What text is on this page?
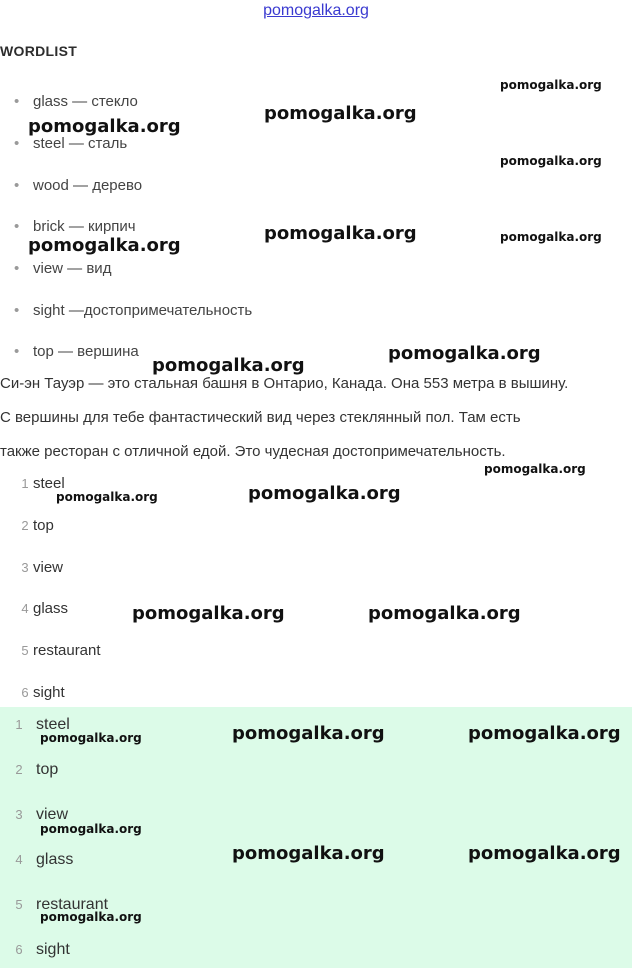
pomogalka.org
WORDLIST
• glass — стекло
• steel — сталь
• wood — дерево
• brick — кирпич
• view — вид
• sight —достопримечательность
• top — вершина
Си-эн Тауэр — это стальная башня в Онтарио, Канада. Она 553 метра в вышину.
С вершины для тебе фантастический вид через стеклянный пол. Там есть
также ресторан с отличной едой. Это чудесная достопримечательность.
1 steel
2 top
3 view
4 glass
5 restaurant
6 sight
1 steel
2 top
3 view
4 glass
5 restaurant
6 sight
pomogalka.org
pomogalka.org
pomogalka.org
pomogalka.org
pomogalka.org	pomogalka.org
pomogalka.org
pomogalka.org
pomogalka.org
pomogalka.org
pomogalka.org
pomogalka.org
pomogalka.org	pomogalka.org
pomogalka.org	pomogalka.org
pomogalka.org
pomogalka.org
pomogalka.org	pomogalka.org
pomogalka.org
